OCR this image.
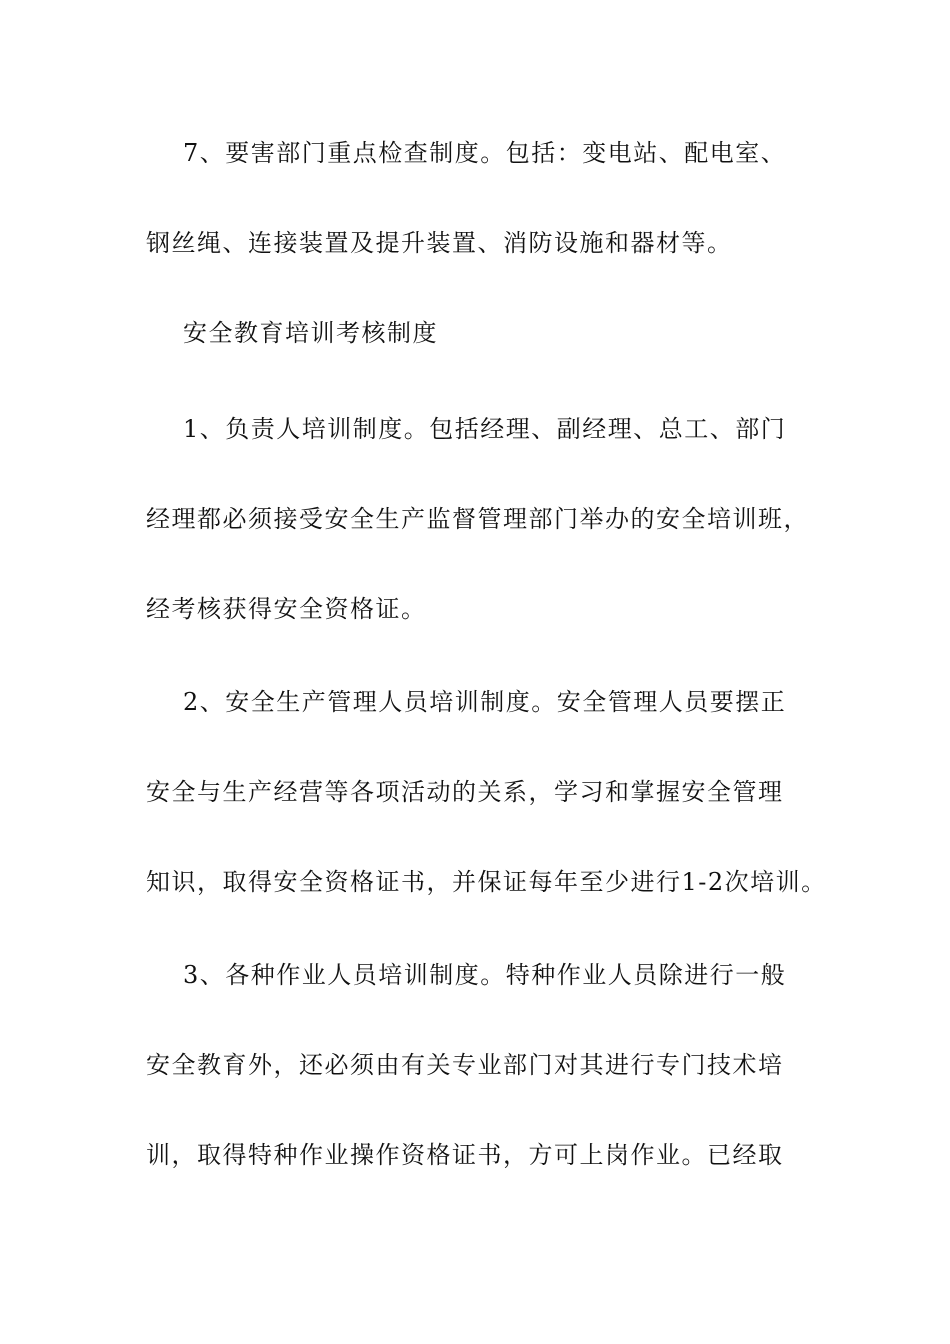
7、要害部门重点检查制度。包括：变电站、配电室、
钢丝绳、连接装置及提升装置、消防设施和器材等。
安全教育培训考核制度
1、负责人培训制度。包括经理、副经理、总工、部门
经理都必须接受安全生产监督管理部门举办的安全培训班，
经考核获得安全资格证。
2、安全生产管理人员培训制度。安全管理人员要摆正
安全与生产经营等各项活动的关系，学习和掌握安全管理
知识，取得安全资格证书，并保证每年至少进行1-2次培训。
3、各种作业人员培训制度。特种作业人员除进行一般
安全教育外，还必须由有关专业部门对其进行专门技术培
训，取得特种作业操作资格证书，方可上岗作业。已经取
